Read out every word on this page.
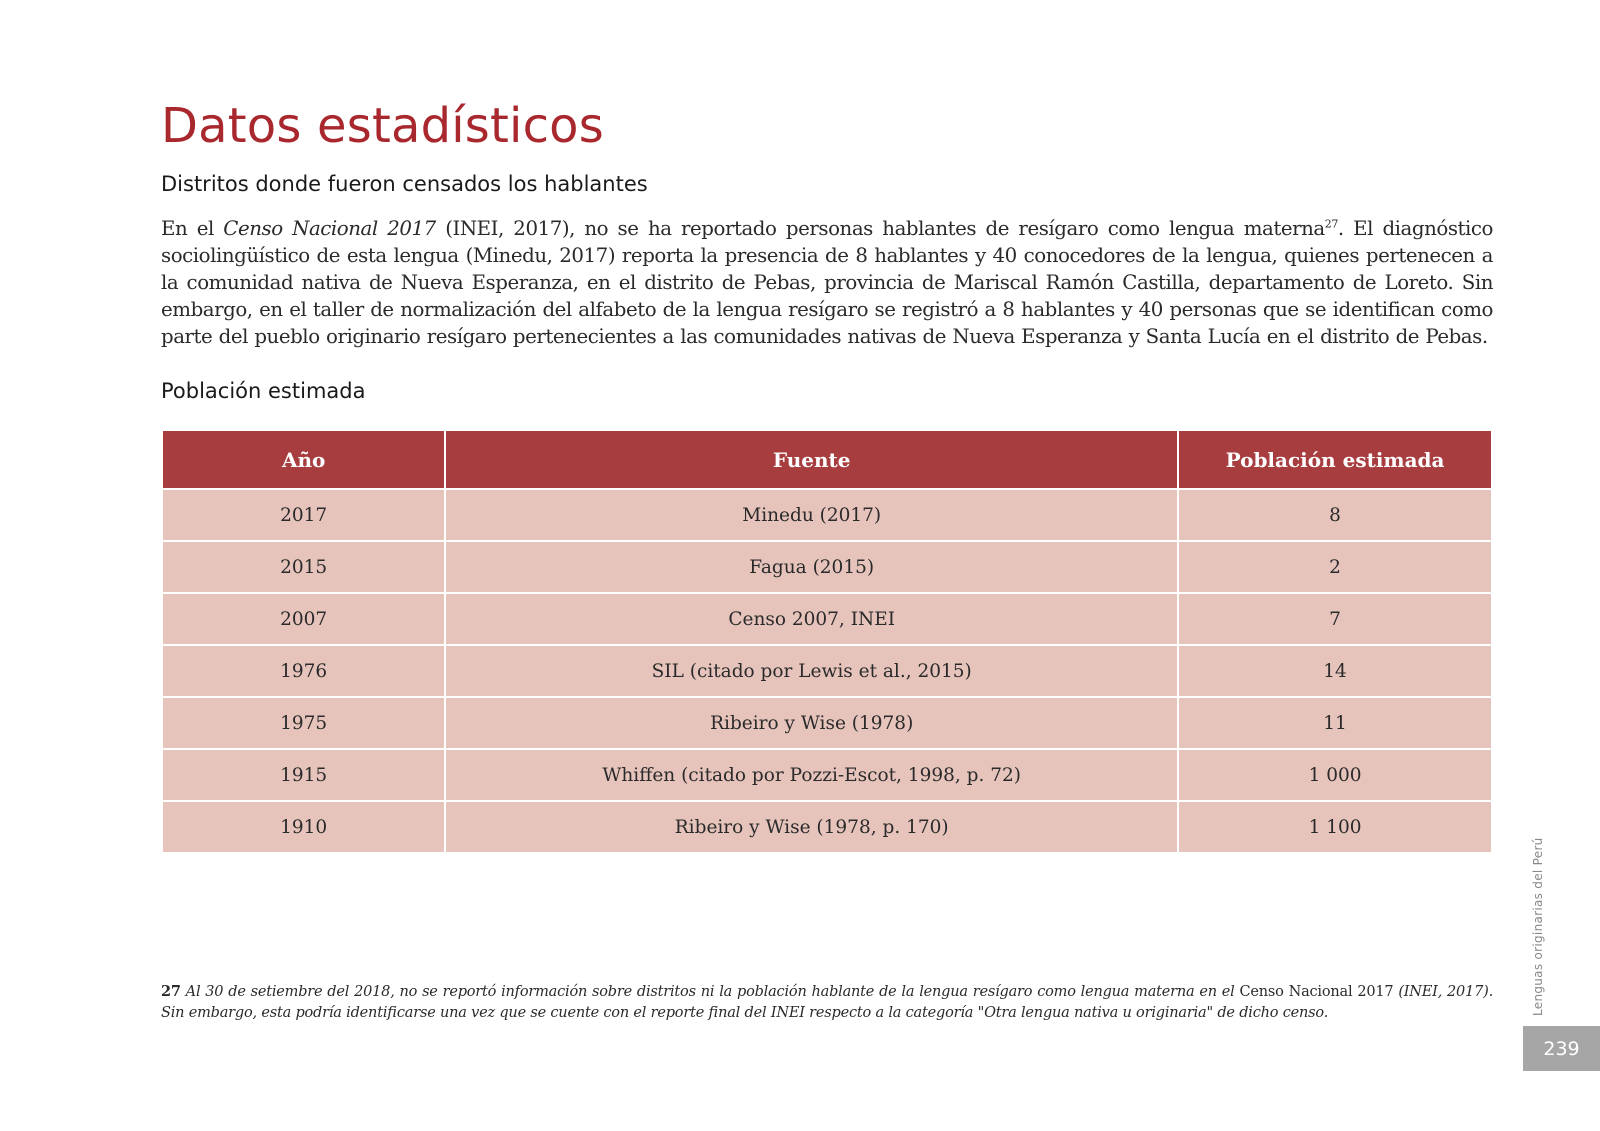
Datos estadísticos
Distritos donde fueron censados los hablantes

En el Censo Nacional 2017 (INEI, 2017), no se ha reportado personas hablantes de resígaro como lengua materna$^{27}$. El diagnóstico sociolingüístico de esta lengua (Minedu, 2017) reporta la presencia de 8 hablantes y 40 conocedores de la lengua, quienes pertenecen a la comunidad nativa de Nueva Esperanza, en el distrito de Pebas, provincia de Mariscal Ramón Castilla, departamento de Loreto. Sin embargo, en el taller de normalización del alfabeto de la lengua resígaro se registró a 8 hablantes y 40 personas que se identifican como parte del pueblo originario resígaro pertenecientes a las comunidades nativas de Nueva Esperanza y Santa Lucía en el distrito de Pebas.

Población estimada
Año	Fuente	Población estimada
2017	Minedu (2017)	8
2015	Fagua (2015)	2
2007	Censo 2007, INEI	7
1976	SIL (citado por Lewis et al., 2015)	14
1975	Ribeiro y Wise (1978)	11
1915	Whiffen (citado por Pozzi-Escot, 1998, p. 72)	1 000
1910	Ribeiro y Wise (1978, p. 170)	1 100

27 Al 30 de setiembre del 2018, no se reportó información sobre distritos ni la población hablante de la lengua resígaro como lengua materna en el Censo Nacional 2017 (INEI, 2017). Sin embargo, esta podría identificarse una vez que se cuente con el reporte final del INEI respecto a la categoría "Otra lengua nativa u originaria" de dicho censo.	Lenguas originarias del Perú
239
